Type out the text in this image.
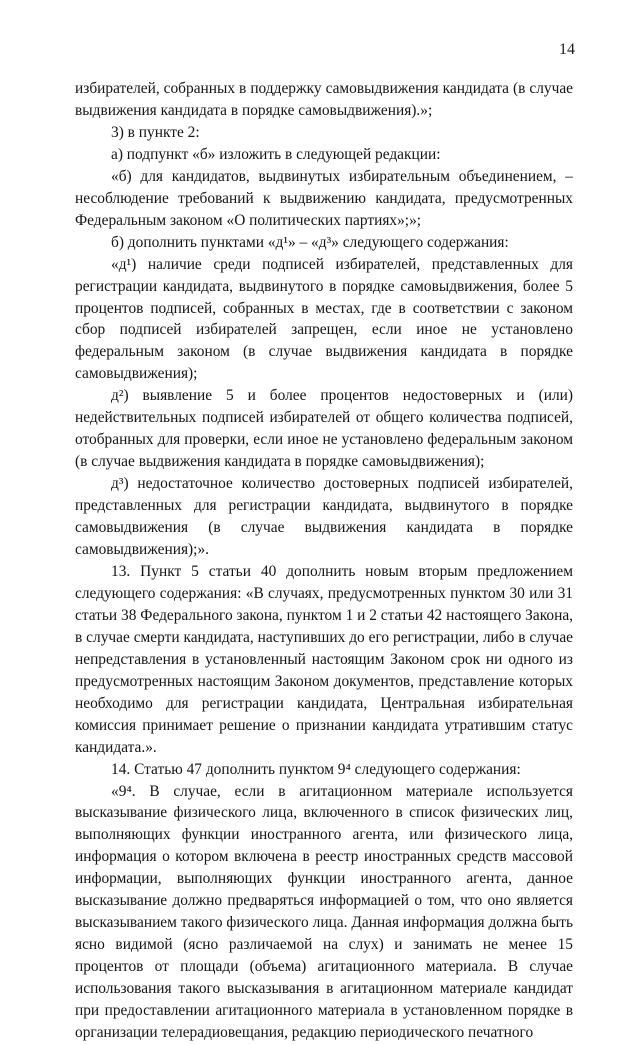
14

избирателей, собранных в поддержку самовыдвижения кандидата (в случае выдвижения кандидата в порядке самовыдвижения).»;

3) в пункте 2:

а) подпункт «б» изложить в следующей редакции:

«б) для кандидатов, выдвинутых избирательным объединением, – несоблюдение требований к выдвижению кандидата, предусмотренных Федеральным законом «О политических партиях»;»;

б) дополнить пунктами «д¹» – «д³» следующего содержания:

«д¹) наличие среди подписей избирателей, представленных для регистрации кандидата, выдвинутого в порядке самовыдвижения, более 5 процентов подписей, собранных в местах, где в соответствии с законом сбор подписей избирателей запрещен, если иное не установлено федеральным законом (в случае выдвижения кандидата в порядке самовыдвижения);

д²) выявление 5 и более процентов недостоверных и (или) недействительных подписей избирателей от общего количества подписей, отобранных для проверки, если иное не установлено федеральным законом (в случае выдвижения кандидата в порядке самовыдвижения);

д³) недостаточное количество достоверных подписей избирателей, представленных для регистрации кандидата, выдвинутого в порядке самовыдвижения (в случае выдвижения кандидата в порядке самовыдвижения);».

13. Пункт 5 статьи 40 дополнить новым вторым предложением следующего содержания: «В случаях, предусмотренных пунктом 30 или 31 статьи 38 Федерального закона, пунктом 1 и 2 статьи 42 настоящего Закона, в случае смерти кандидата, наступивших до его регистрации, либо в случае непредставления в установленный настоящим Законом срок ни одного из предусмотренных настоящим Законом документов, представление которых необходимо для регистрации кандидата, Центральная избирательная комиссия принимает решение о признании кандидата утратившим статус кандидата.».

14. Статью 47 дополнить пунктом 9⁴ следующего содержания:

«9⁴. В случае, если в агитационном материале используется высказывание физического лица, включенного в список физических лиц, выполняющих функции иностранного агента, или физического лица, информация о котором включена в реестр иностранных средств массовой информации, выполняющих функции иностранного агента, данное высказывание должно предваряться информацией о том, что оно является высказыванием такого физического лица. Данная информация должна быть ясно видимой (ясно различаемой на слух) и занимать не менее 15 процентов от площади (объема) агитационного материала. В случае использования такого высказывания в агитационном материале кандидат при предоставлении агитационного материала в установленном порядке в организации телерадиовещания, редакцию периодического печатного
